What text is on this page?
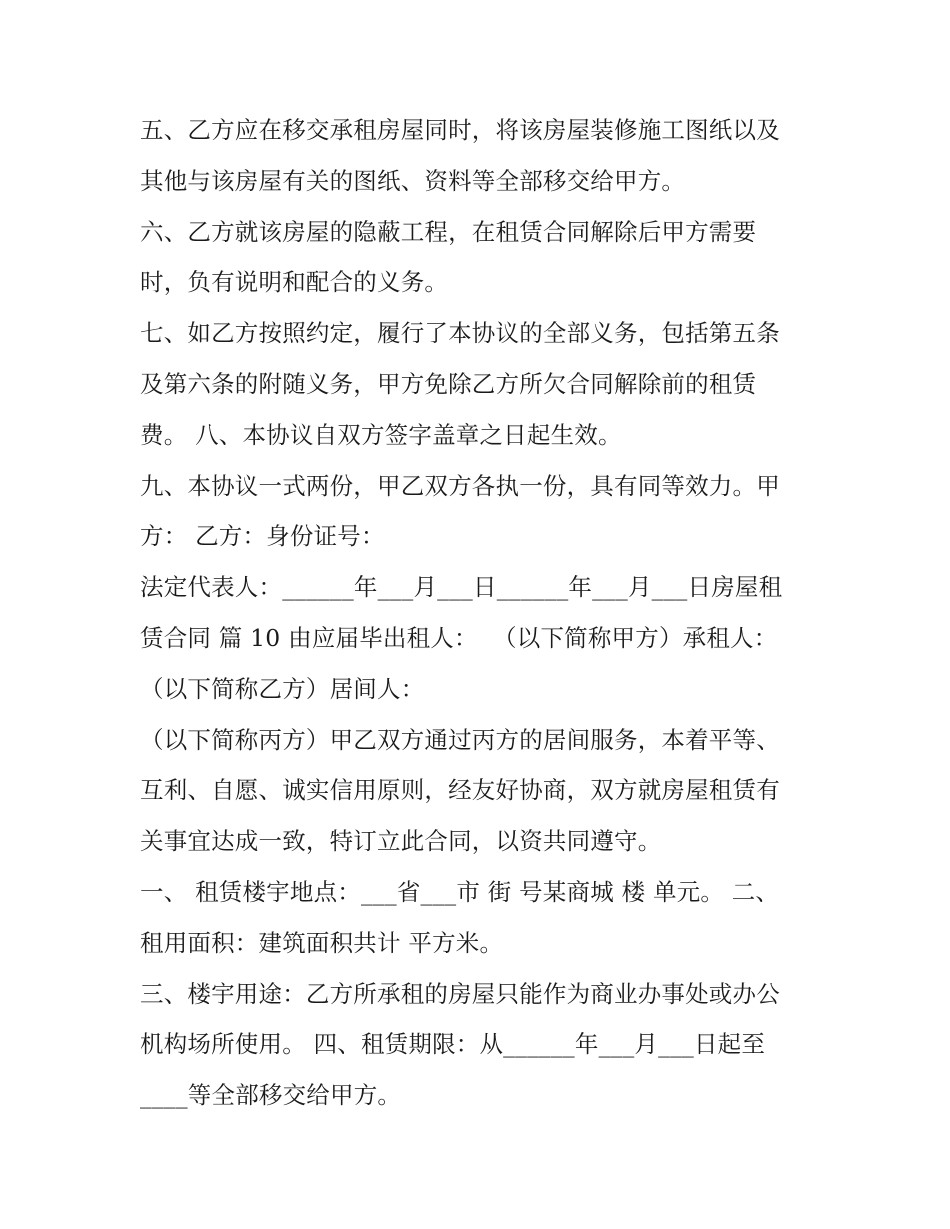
五、乙方应在移交承租房屋同时，将该房屋装修施工图纸以及
其他与该房屋有关的图纸、资料等全部移交给甲方。
六、乙方就该房屋的隐蔽工程，在租赁合同解除后甲方需要
时，负有说明和配合的义务。
七、如乙方按照约定，履行了本协议的全部义务，包括第五条
及第六条的附随义务，甲方免除乙方所欠合同解除前的租赁
费。 八、本协议自双方签字盖章之日起生效。
九、本协议一式两份，甲乙双方各执一份，具有同等效力。甲
方： 乙方：身份证号：
法定代表人：______年___月___日______年___月___日房屋租
赁合同 篇 10 由应届毕出租人：  （以下简称甲方）承租人：
（以下简称乙方）居间人：
（以下简称丙方）甲乙双方通过丙方的居间服务，本着平等、
互利、自愿、诚实信用原则，经友好协商，双方就房屋租赁有
关事宜达成一致，特订立此合同，以资共同遵守。
一、 租赁楼宇地点：___省___市 街 号某商城 楼 单元。 二、
租用面积：建筑面积共计 平方米。
三、楼宇用途：乙方所承租的房屋只能作为商业办事处或办公
机构场所使用。 四、租赁期限：从______年___月___日起至
____等全部移交给甲方。
